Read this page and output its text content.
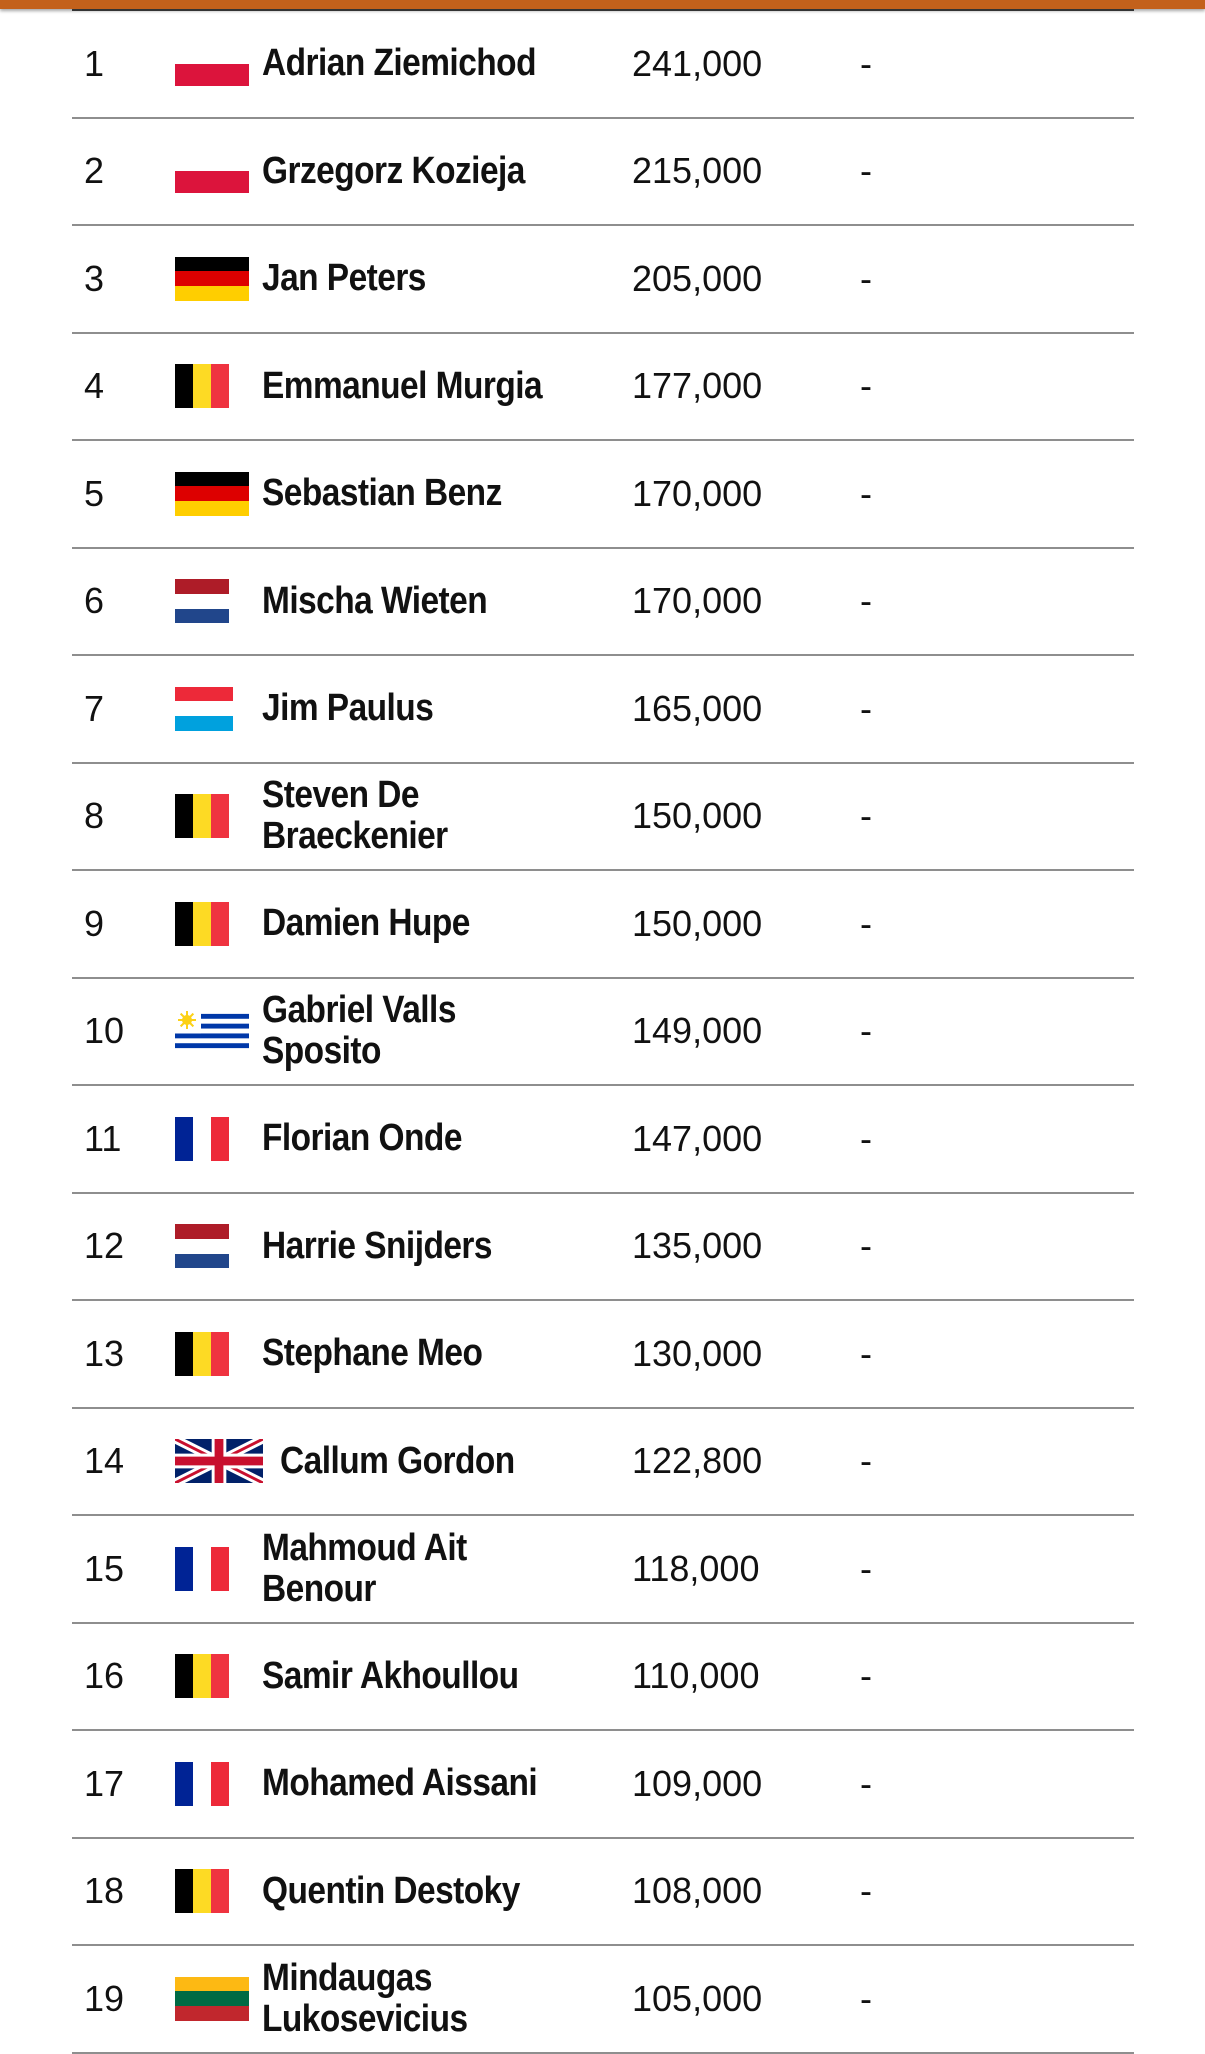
1	Adrian Ziemichod	241,000	-
2	Grzegorz Kozieja	215,000	-
3	Jan Peters	205,000	-
4	Emmanuel Murgia 177,000	-
5	Sebastian Benz	170,000	-
6	Mischa Wieten	170,000	-
7	Jim Paulus	165,000	-
8	Steven De
Braeckenier	150,000	-
9	Damien Hupe	150,000	-
10	Gabriel Valls
Sposito	149,000	-
11	Florian Onde	147,000	-
12	Harrie Snijders	135,000	-
13	Stephane Meo	130,000	-
14	Callum Gordon	122,800	-
15	Mahmoud Ait
Benour	118,000	-
16	Samir Akhoullou	110,000	-
17	Mohamed Aissani	109,000	-
18	Quentin Destoky	108,000	-
19	Mindaugas
Lukosevicius	105,000	-
